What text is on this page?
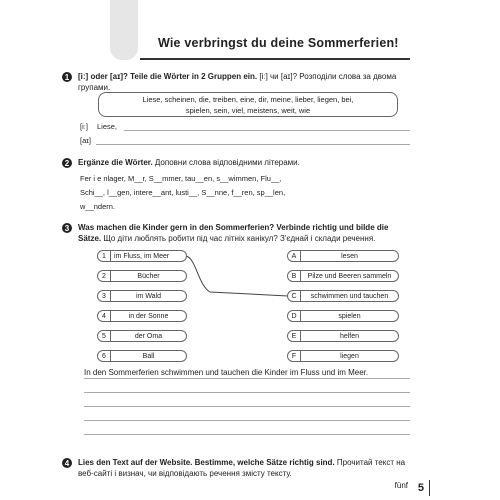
Wie verbringst du deine Sommerferien!
1	[iː] oder [aɪ]? Teile die Wörter in 2 Gruppen ein. [iː] чи [aɪ]? Розподіли слова за двома групами.
Liese, scheinen, die, treiben, eine, dir, meine, lieber, liegen, bei,
spielen, sein, viel, meistens, weit, wie
[iː] Liese,
[aɪ]
2	Ergänze die Wörter. Доповни слова відповідними літерами.
Fer i e nlager, M__r, S__mmer, tau__en, s__wimmen, Flu__,
Schi__, l__gen, intere__ant, lusti__, S__nne, f__ren, sp__len,
w__ndern.
3	Was machen die Kinder gern in den Sommerferien? Verbinde richtig und bilde die Sätze. Що діти люблять робити під час літніх канікул? З'єднай і склади речення.
1	im Fluss, im Meer
2	Bücher
3	im Wald
4	in der Sonne
5	der Oma
6	Ball
A	lesen
B	Pilze und Beeren sammeln
C	schwimmen und tauchen
D	spielen
E	helfen
F	liegen
In den Sommerferien schwimmen und tauchen die Kinder im Fluss und im Meer.
4	Lies den Text auf der Website. Bestimme, welche Sätze richtig sind. Прочитай текст на веб-сайті і визнач, чи відповідають речення змісту тексту.
fünf 5
